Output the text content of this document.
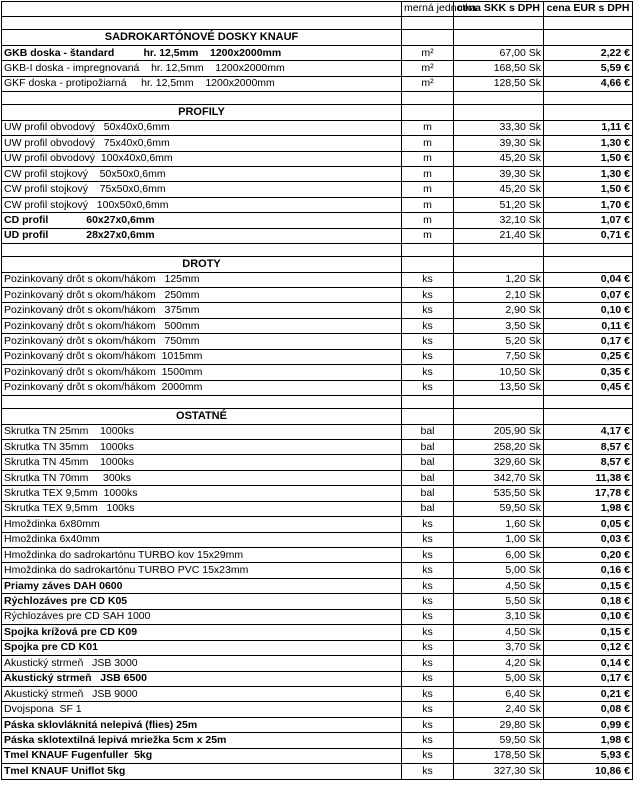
	merná jednotka	cena SKK s DPH	cena EUR s DPH

SADROKARTÓNOVÉ DOSKY KNAUF			
GKB doska - štandard          hr. 12,5mm    1200x2000mm	m²	67,00 Sk	2,22 €
GKB-I doska - impregnovaná    hr. 12,5mm    1200x2000mm	m²	168,50 Sk	5,59 €
GKF doska - protipožiarná     hr. 12,5mm    1200x2000mm	m²	128,50 Sk	4,66 €

PROFILY			
UW profil obvodový   50x40x0,6mm	m	33,30 Sk	1,11 €
UW profil obvodový   75x40x0,6mm	m	39,30 Sk	1,30 €
UW profil obvodový  100x40x0,6mm	m	45,20 Sk	1,50 €
CW profil stojkový    50x50x0,6mm	m	39,30 Sk	1,30 €
CW profil stojkový    75x50x0,6mm	m	45,20 Sk	1,50 €
CW profil stojkový   100x50x0,6mm	m	51,20 Sk	1,70 €
CD profil             60x27x0,6mm	m	32,10 Sk	1,07 €
UD profil             28x27x0,6mm	m	21,40 Sk	0,71 €

DROTY			
Pozinkovaný drôt s okom/hákom   125mm	ks	1,20 Sk	0,04 €
Pozinkovaný drôt s okom/hákom   250mm	ks	2,10 Sk	0,07 €
Pozinkovaný drôt s okom/hákom   375mm	ks	2,90 Sk	0,10 €
Pozinkovaný drôt s okom/hákom   500mm	ks	3,50 Sk	0,11 €
Pozinkovaný drôt s okom/hákom   750mm	ks	5,20 Sk	0,17 €
Pozinkovaný drôt s okom/hákom  1015mm	ks	7,50 Sk	0,25 €
Pozinkovaný drôt s okom/hákom  1500mm	ks	10,50 Sk	0,35 €
Pozinkovaný drôt s okom/hákom  2000mm	ks	13,50 Sk	0,45 €

OSTATNÉ			
Skrutka TN 25mm    1000ks	bal	205,90 Sk	4,17 €
Skrutka TN 35mm    1000ks	bal	258,20 Sk	8,57 €
Skrutka TN 45mm    1000ks	bal	329,60 Sk	8,57 €
Skrutka TN 70mm     300ks	bal	342,70 Sk	11,38 €
Skrutka TEX 9,5mm  1000ks	bal	535,50 Sk	17,78 €
Skrutka TEX 9,5mm   100ks	bal	59,50 Sk	1,98 €
Hmoždinka 6x80mm	ks	1,60 Sk	0,05 €
Hmoždinka 6x40mm	ks	1,00 Sk	0,03 €
Hmoždinka do sadrokartónu TURBO kov 15x29mm	ks	6,00 Sk	0,20 €
Hmoždinka do sadrokartónu TURBO PVC 15x23mm	ks	5,00 Sk	0,16 €
Priamy záves DAH 0600	ks	4,50 Sk	0,15 €
Rýchlozáves pre CD K05	ks	5,50 Sk	0,18 €
Rýchlozáves pre CD SAH 1000	ks	3,10 Sk	0,10 €
Spojka krížová pre CD K09	ks	4,50 Sk	0,15 €
Spojka pre CD K01	ks	3,70 Sk	0,12 €
Akustický strmeň   JSB 3000	ks	4,20 Sk	0,14 €
Akustický strmeň   JSB 6500	ks	5,00 Sk	0,17 €
Akustický strmeň   JSB 9000	ks	6,40 Sk	0,21 €
Dvojspona  SF 1	ks	2,40 Sk	0,08 €
Páska sklovláknitá nelepivá (flies) 25m	ks	29,80 Sk	0,99 €
Páska sklotextilná lepivá mriežka 5cm x 25m	ks	59,50 Sk	1,98 €
Tmel KNAUF Fugenfuller  5kg	ks	178,50 Sk	5,93 €
Tmel KNAUF Uniflot 5kg	ks	327,30 Sk	10,86 €
